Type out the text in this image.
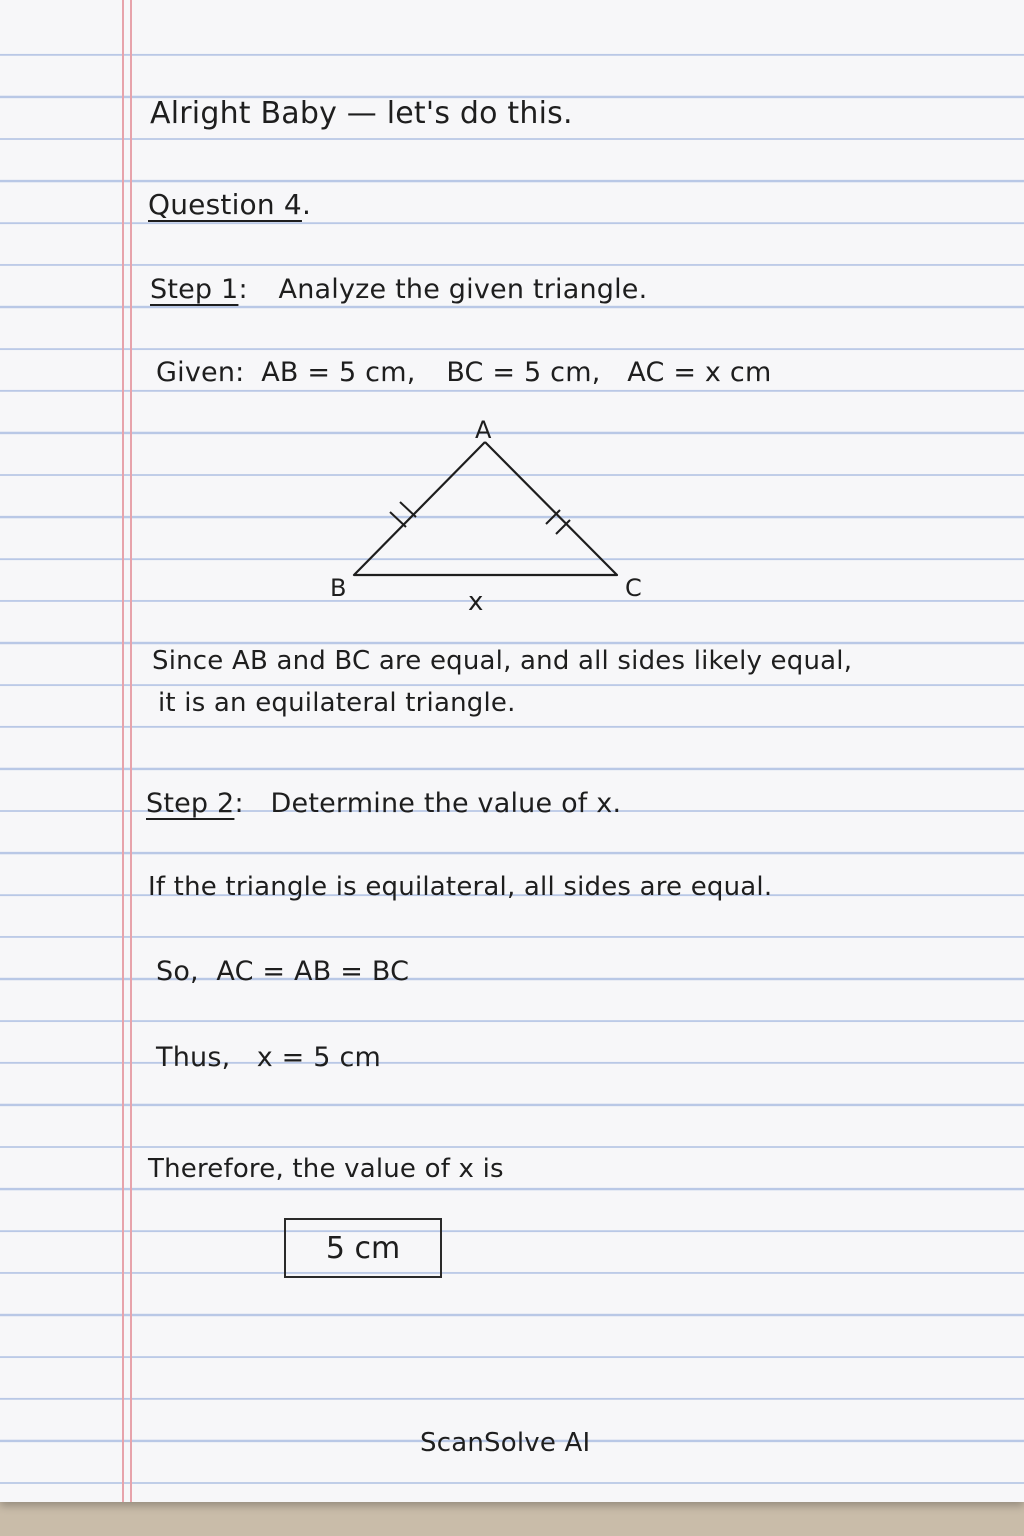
Alright Baby — let's do this.
Question 4.
Step 1: Analyze the given triangle.
Given: AB = 5 cm, BC = 5 cm, AC = x cm
A
B	C
x
Since AB and BC are equal, and all sides likely equal,
it is an equilateral triangle.
Step 2: Determine the value of x.
If the triangle is equilateral, all sides are equal.
So,  AC = AB = BC
Thus,   x = 5 cm
Therefore, the value of x is
5 cm
ScanSolve AI
